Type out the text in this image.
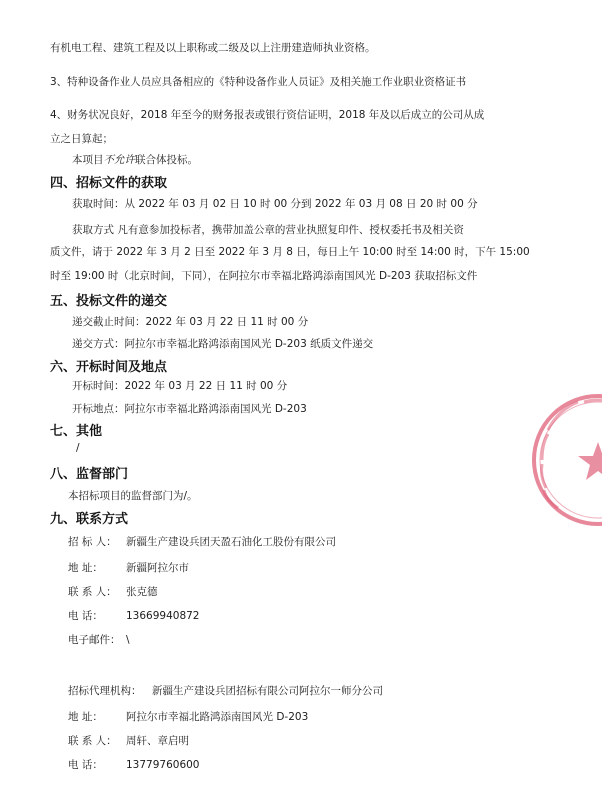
有机电工程、建筑工程及以上职称或二级及以上注册建造师执业资格。
3、特种设备作业人员应具备相应的《特种设备作业人员证》及相关施工作业职业资格证书
4、财务状况良好，2018 年至今的财务报表或银行资信证明，2018 年及以后成立的公司从成
立之日算起；
本项目不允许联合体投标。
四、招标文件的获取
获取时间：从 2022 年 03 月 02 日 10 时 00 分到 2022 年 03 月 08 日 20 时 00 分
获取方式 凡有意参加投标者，携带加盖公章的营业执照复印件、授权委托书及相关资
质文件，请于 2022 年 3 月 2 日至 2022 年 3 月 8 日，每日上午 10:00 时至 14:00 时，下午 15:00
时至 19:00 时（北京时间，下同），在阿拉尔市幸福北路鸿添南国风光 D-203 获取招标文件
五、投标文件的递交
递交截止时间：2022 年 03 月 22 日 11 时 00 分
递交方式：阿拉尔市幸福北路鸿添南国风光 D-203 纸质文件递交
六、开标时间及地点
开标时间：2022 年 03 月 22 日 11 时 00 分
开标地点：阿拉尔市幸福北路鸿添南国风光 D-203
七、其他
/
八、监督部门
本招标项目的监督部门为/。
九、联系方式
招 标 人： 新疆生产建设兵团天盈石油化工股份有限公司
地 址： 新疆阿拉尔市
联 系 人： 张克德
电 话： 13669940872
电子邮件： \
招标代理机构： 新疆生产建设兵团招标有限公司阿拉尔一师分公司
地 址： 阿拉尔市幸福北路鸿添南国风光 D-203
联 系 人： 周轩、章启明
电 话： 13779760600
